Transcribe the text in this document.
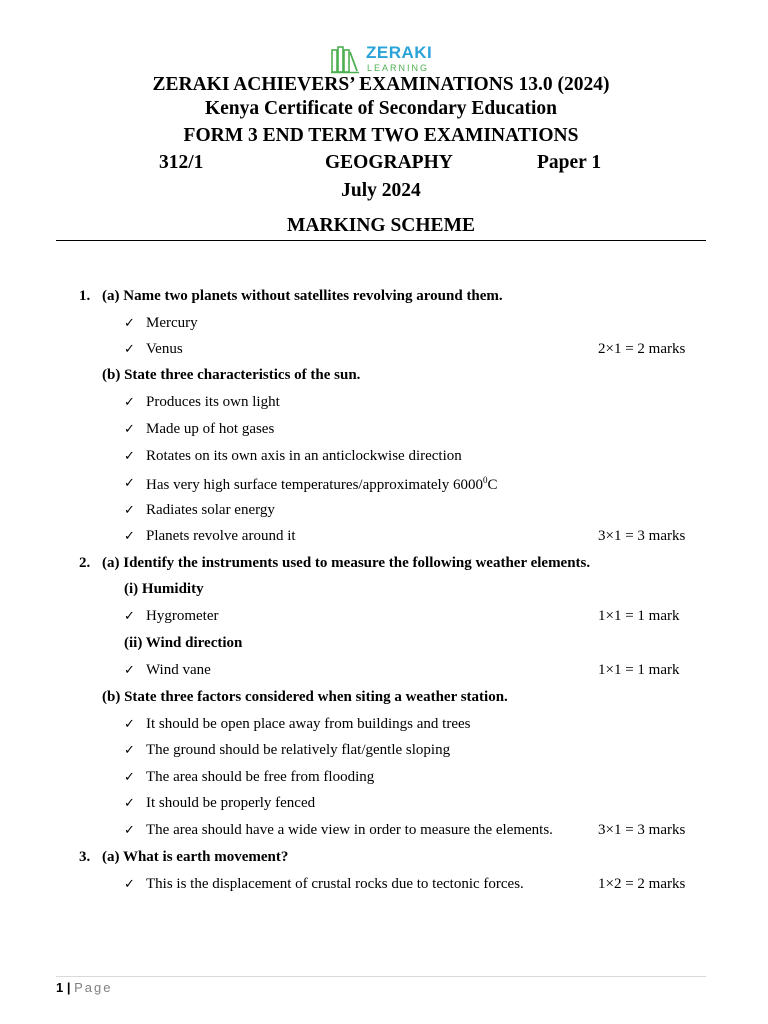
ZERAKI
LEARNING
ZERAKI ACHIEVERS’ EXAMINATIONS 13.0 (2024)
Kenya Certificate of Secondary Education
FORM 3 END TERM TWO EXAMINATIONS
312/1	GEOGRAPHY	Paper 1
July 2024
MARKING SCHEME
1. (a) Name two planets without satellites revolving around them.
✓ Mercury
✓ Venus	2×1 = 2 marks
(b) State three characteristics of the sun.
✓ Produces its own light
✓ Made up of hot gases
✓ Rotates on its own axis in an anticlockwise direction
✓ Has very high surface temperatures/approximately 6000$^0$C
✓ Radiates solar energy
✓ Planets revolve around it	3×1 = 3 marks
2. (a) Identify the instruments used to measure the following weather elements.
(i) Humidity
✓ Hygrometer	1×1 = 1 mark
(ii) Wind direction
✓ Wind vane	1×1 = 1 mark
(b) State three factors considered when siting a weather station.
✓ It should be open place away from buildings and trees
✓ The ground should be relatively flat/gentle sloping
✓ The area should be free from flooding
✓ It should be properly fenced
✓ The area should have a wide view in order to measure the elements.	3×1 = 3 marks
3. (a) What is earth movement?
✓ This is the displacement of crustal rocks due to tectonic forces.	1×2 = 2 marks
1 | Page
